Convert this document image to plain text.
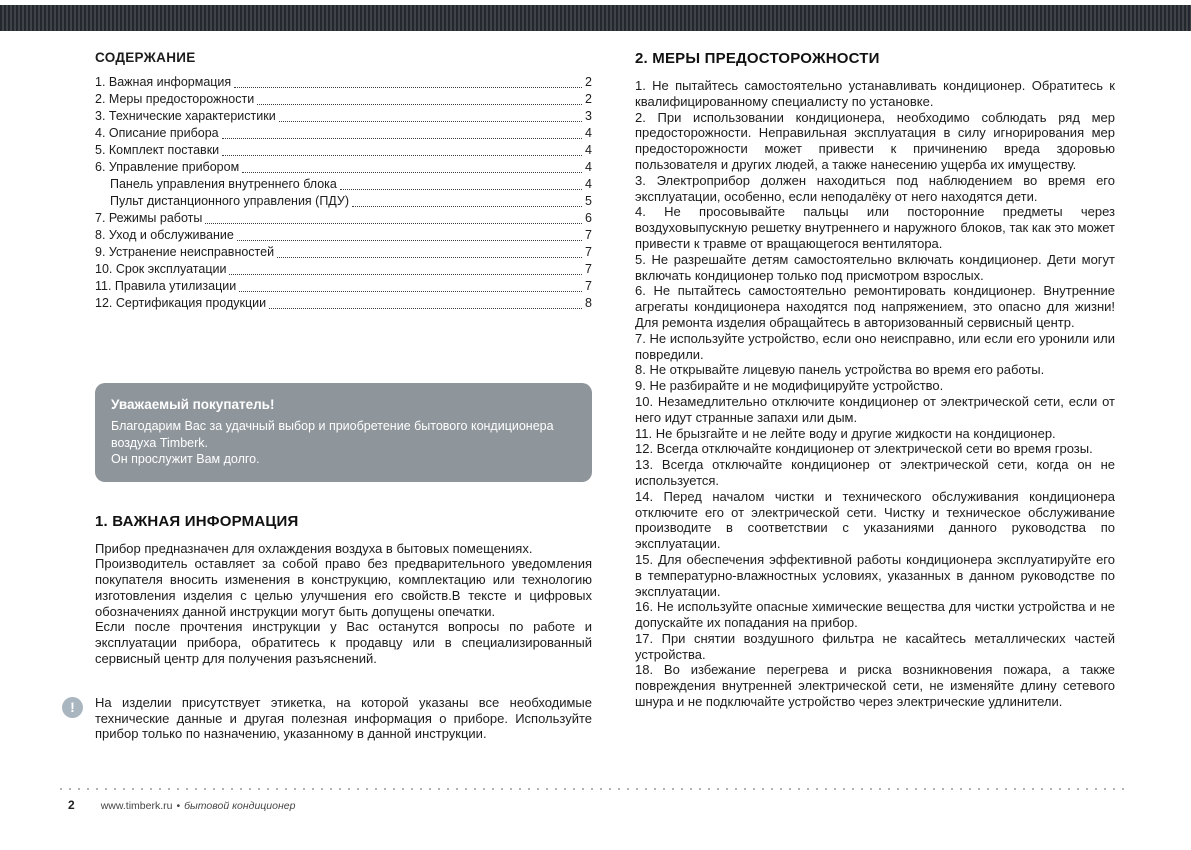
СОДЕРЖАНИЕ
1. Важная информация	2
2. Меры предосторожности	2
3. Технические характеристики	3
4. Описание прибора	4
5. Комплект поставки	4
6. Управление прибором	4
Панель управления внутреннего блока	4
Пульт дистанционного управления (ПДУ)	5
7. Режимы работы	6
8. Уход и обслуживание	7
9. Устранение неисправностей	7
10. Срок эксплуатации	7
11. Правила утилизации	7
12. Сертификация продукции	8

Уважаемый покупатель!

Благодарим Вас за удачный выбор и приобретение бытового кондиционера воздуха Timberk.

Он прослужит Вам долго.

1. ВАЖНАЯ ИНФОРМАЦИЯ

Прибор предназначен для охлаждения воздуха в бытовых помещениях.

Производитель оставляет за собой право без предварительного уведомления покупателя вносить изменения в конструкцию, комплектацию или технологию изготовления изделия с целью улучшения его свойств.В тексте и цифровых обозначениях данной инструкции могут быть допущены опечатки.

Если после прочтения инструкции у Вас останутся вопросы по работе и эксплуатации прибора, обратитесь к продавцу или в специализированный сервисный центр для получения разъяснений.

! На изделии присутствует этикетка, на которой указаны все необходимые технические данные и другая полезная информация о приборе. Используйте прибор только по назначению, указанному в данной инструкции.

2. МЕРЫ ПРЕДОСТОРОЖНОСТИ

1. Не пытайтесь самостоятельно устанавливать кондиционер. Обратитесь к квалифицированному специалисту по установке.

2. При использовании кондиционера, необходимо соблюдать ряд мер предосторожности. Неправильная эксплуатация в силу игнорирования мер предосторожности может привести к причинению вреда здоровью пользователя и других людей, а также нанесению ущерба их имуществу.

3. Электроприбор должен находиться под наблюдением во время его эксплуатации, особенно, если неподалёку от него находятся дети.

4. Не просовывайте пальцы или посторонние предметы через воздуховыпускную решетку внутреннего и наружного блоков, так как это может привести к травме от вращающегося вентилятора.

5. Не разрешайте детям самостоятельно включать кондиционер. Дети могут включать кондиционер только под присмотром взрослых.

6. Не пытайтесь самостоятельно ремонтировать кондиционер. Внутренние агрегаты кондиционера находятся под напряжением, это опасно для жизни! Для ремонта изделия обращайтесь в авторизованный сервисный центр.

7. Не используйте устройство, если оно неисправно, или если его уронили или повредили.

8. Не открывайте лицевую панель устройства во время его работы.

9. Не разбирайте и не модифицируйте устройство.

10. Незамедлительно отключите кондиционер от электрической сети, если от него идут странные запахи или дым.

11. Не брызгайте и не лейте воду и другие жидкости на кондиционер.

12. Всегда отключайте кондиционер от электрической сети во время грозы.

13. Всегда отключайте кондиционер от электрической сети, когда он не используется.

14. Перед началом чистки и технического обслуживания кондиционера отключите его от электрической сети. Чистку и техническое обслуживание производите в соответствии с указаниями данного руководства по эксплуатации.

15. Для обеспечения эффективной работы кондиционера эксплуатируйте его в температурно-влажностных условиях, указанных в данном руководстве по эксплуатации.

16. Не используйте опасные химические вещества для чистки устройства и не допускайте их попадания на прибор.

17. При снятии воздушного фильтра не касайтесь металлических частей устройства.

18. Во избежание перегрева и риска возникновения пожара, а также повреждения внутренней электрической сети, не изменяйте длину сетевого шнура и не подключайте устройство через электрические удлинители.

2 www.timberk.ru • бытовой кондиционер
